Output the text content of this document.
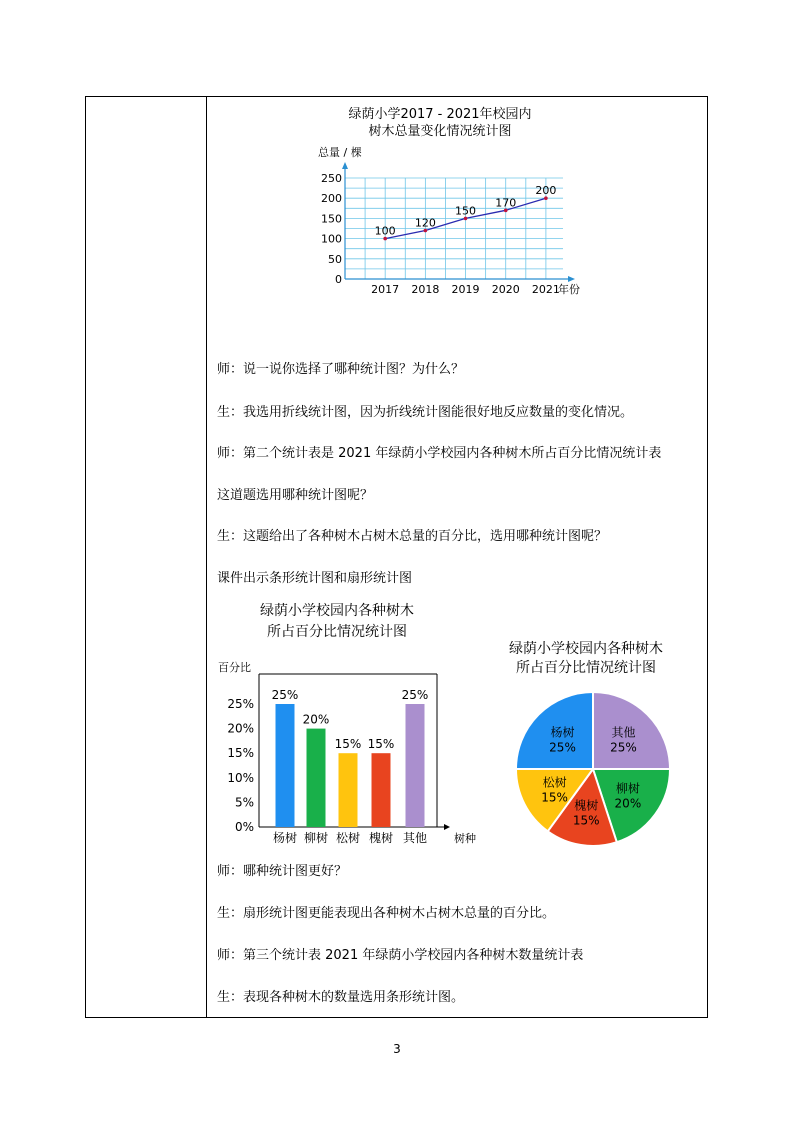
绿荫小学2017 - 2021年校园内
树木总量变化情况统计图
总量 / 棵
年份
0
50
100
150
200
250
2017 2018 2019 2020 2021
100
120
150
170
200
师：说一说你选择了哪种统计图？为什么？
生：我选用折线统计图，因为折线统计图能很好地反应数量的变化情况。
师：第二个统计表是 2021 年绿荫小学校园内各种树木所占百分比情况统计表
这道题选用哪种统计图呢？
生：这题给出了各种树木占树木总量的百分比，选用哪种统计图呢？
课件出示条形统计图和扇形统计图
绿荫小学校园内各种树木
所占百分比情况统计图
百分比
树种
0%
5%
10%
15%
20%
25%
25%
20%
15% 15%
25%
杨树 柳树 松树 槐树 其他
绿荫小学校园内各种树木
所占百分比情况统计图
其他
25%
柳树
20%
槐树
15%
松树
15%
杨树
25%
师：哪种统计图更好？
生：扇形统计图更能表现出各种树木占树木总量的百分比。
师：第三个统计表 2021 年绿荫小学校园内各种树木数量统计表
生：表现各种树木的数量选用条形统计图。
3
